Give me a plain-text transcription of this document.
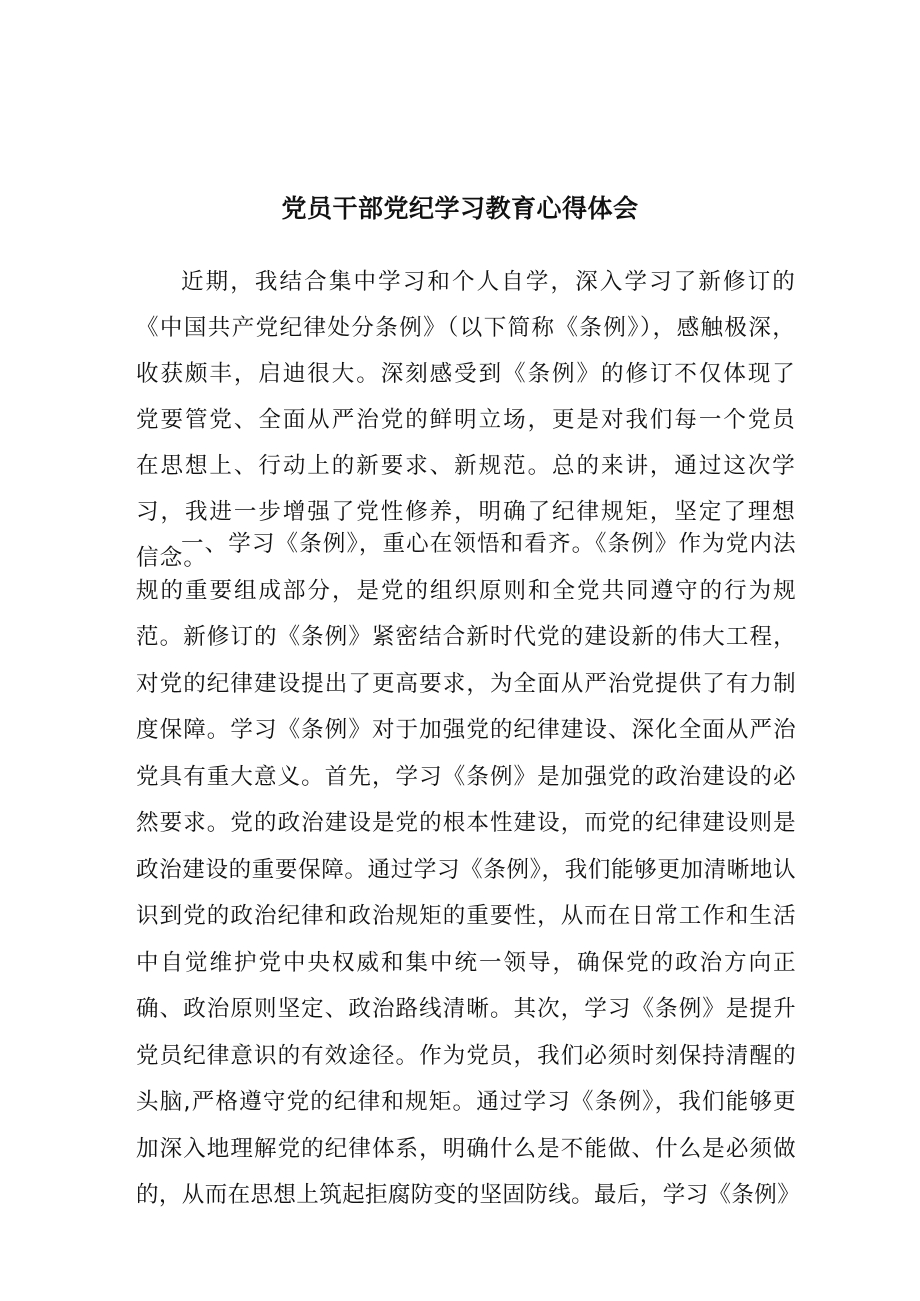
党员干部党纪学习教育心得体会

近期，我结合集中学习和个人自学，深入学习了新修订的《中国共产党纪律处分条例》（以下简称《条例》），感触极深，收获颇丰，启迪很大。深刻感受到《条例》的修订不仅体现了党要管党、全面从严治党的鲜明立场，更是对我们每一个党员在思想上、行动上的新要求、新规范。总的来讲，通过这次学习，我进一步增强了党性修养，明确了纪律规矩，坚定了理想信念。

一、学习《条例》，重心在领悟和看齐。《条例》作为党内法规的重要组成部分，是党的组织原则和全党共同遵守的行为规范。新修订的《条例》紧密结合新时代党的建设新的伟大工程，对党的纪律建设提出了更高要求，为全面从严治党提供了有力制度保障。学习《条例》对于加强党的纪律建设、深化全面从严治党具有重大意义。首先，学习《条例》是加强党的政治建设的必然要求。党的政治建设是党的根本性建设，而党的纪律建设则是政治建设的重要保障。通过学习《条例》，我们能够更加清晰地认识到党的政治纪律和政治规矩的重要性，从而在日常工作和生活中自觉维护党中央权威和集中统一领导，确保党的政治方向正确、政治原则坚定、政治路线清晰。其次，学习《条例》是提升党员纪律意识的有效途径。作为党员，我们必须时刻保持清醒的头脑,严格遵守党的纪律和规矩。通过学习《条例》，我们能够更加深入地理解党的纪律体系，明确什么是不能做、什么是必须做的，从而在思想上筑起拒腐防变的坚固防线。最后，学习《条例》
